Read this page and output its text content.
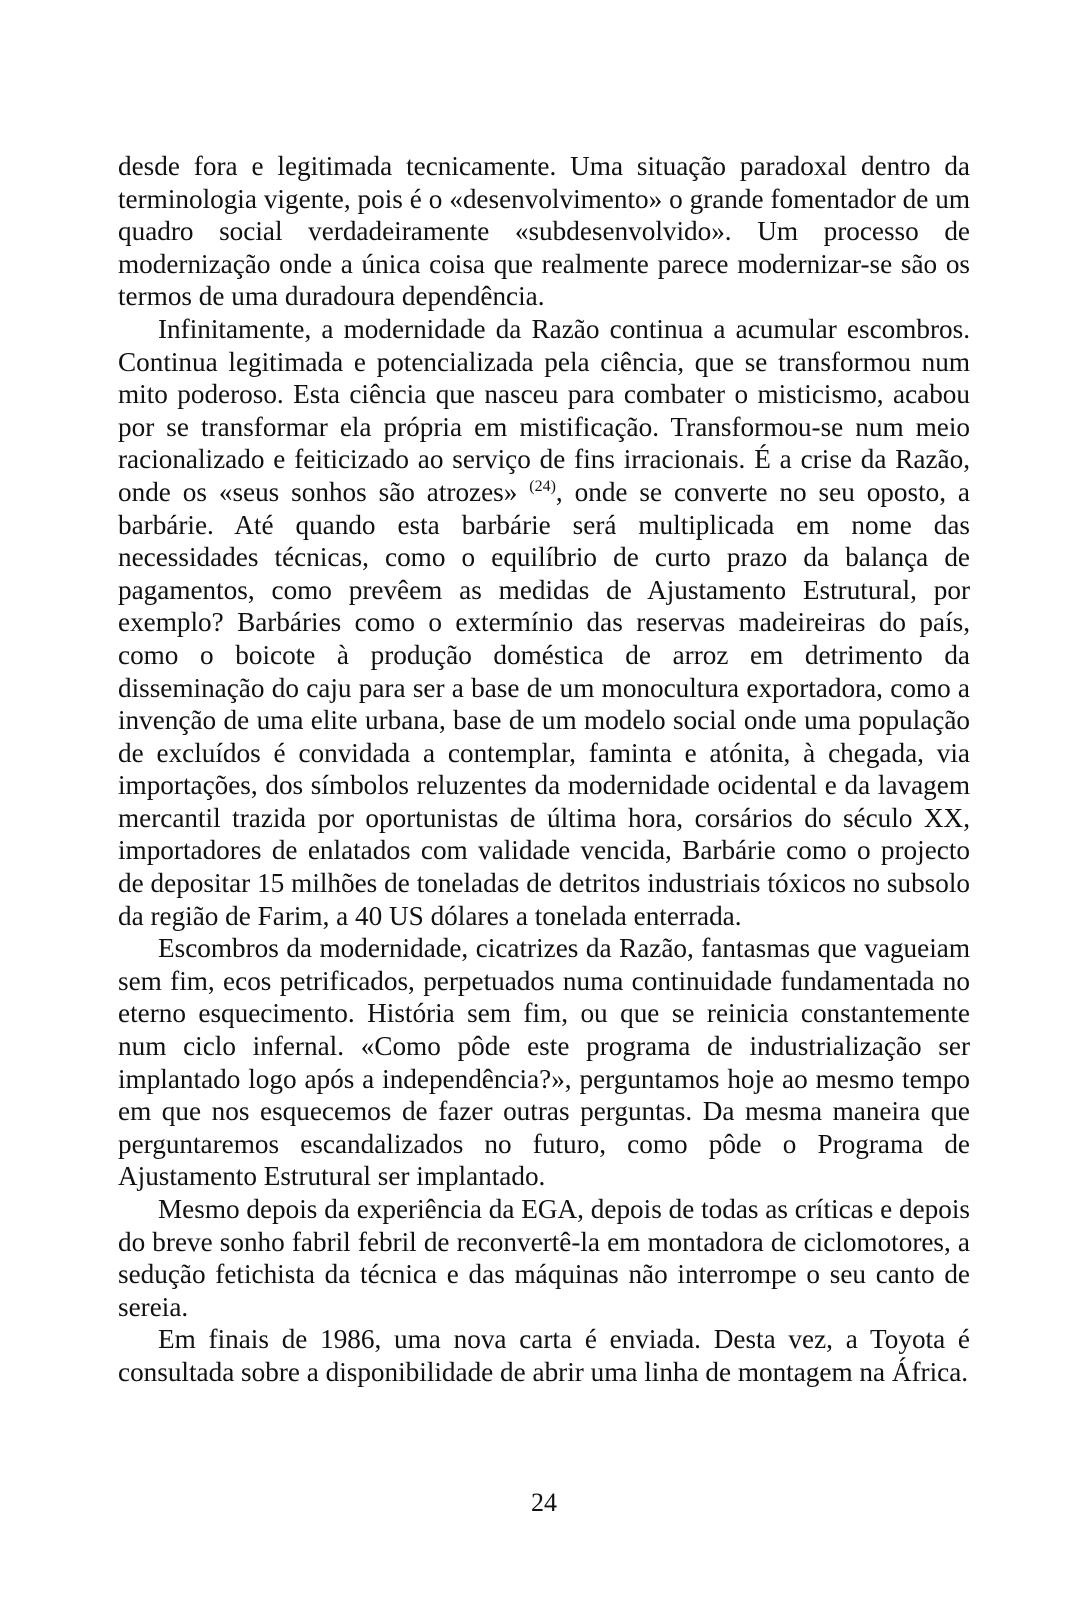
desde fora e legitimada tecnicamente. Uma situação paradoxal dentro da terminologia vigente, pois é o «desenvolvimento» o grande fomentador de um quadro social verdadeiramente «subdesenvolvido». Um processo de modernização onde a única coisa que realmente parece modernizar-se são os termos de uma duradoura dependência.

Infinitamente, a modernidade da Razão continua a acumular escombros. Continua legitimada e potencializada pela ciência, que se transformou num mito poderoso. Esta ciência que nasceu para combater o misticismo, acabou por se transformar ela própria em mistificação. Transformou-se num meio racionalizado e feiticizado ao serviço de fins irracionais. É a crise da Razão, onde os «seus sonhos são atrozes» $^{(24)}$, onde se converte no seu oposto, a barbárie. Até quando esta barbárie será multiplicada em nome das necessidades técnicas, como o equilíbrio de curto prazo da balança de pagamentos, como prevêem as medidas de Ajustamento Estrutural, por exemplo? Barbáries como o extermínio das reservas madeireiras do país, como o boicote à produção doméstica de arroz em detrimento da disseminação do caju para ser a base de um monocultura exportadora, como a invenção de uma elite urbana, base de um modelo social onde uma população de excluídos é convidada a contemplar, faminta e atónita, à chegada, via importações, dos símbolos reluzentes da modernidade ocidental e da lavagem mercantil trazida por oportunistas de última hora, corsários do século XX, importadores de enlatados com validade vencida, Barbárie como o projecto de depositar 15 milhões de toneladas de detritos industriais tóxicos no subsolo da região de Farim, a 40 US dólares a tonelada enterrada.

Escombros da modernidade, cicatrizes da Razão, fantasmas que vagueiam sem fim, ecos petrificados, perpetuados numa continuidade fundamentada no eterno esquecimento. História sem fim, ou que se reinicia constantemente num ciclo infernal. «Como pôde este programa de industrialização ser implantado logo após a independência?», perguntamos hoje ao mesmo tempo em que nos esquecemos de fazer outras perguntas. Da mesma maneira que perguntaremos escandalizados no futuro, como pôde o Programa de Ajustamento Estrutural ser implantado.

Mesmo depois da experiência da EGA, depois de todas as críticas e depois do breve sonho fabril febril de reconvertê-la em montadora de ciclomotores, a sedução fetichista da técnica e das máquinas não interrompe o seu canto de sereia.

Em finais de 1986, uma nova carta é enviada. Desta vez, a Toyota é consultada sobre a disponibilidade de abrir uma linha de montagem na África.

24
